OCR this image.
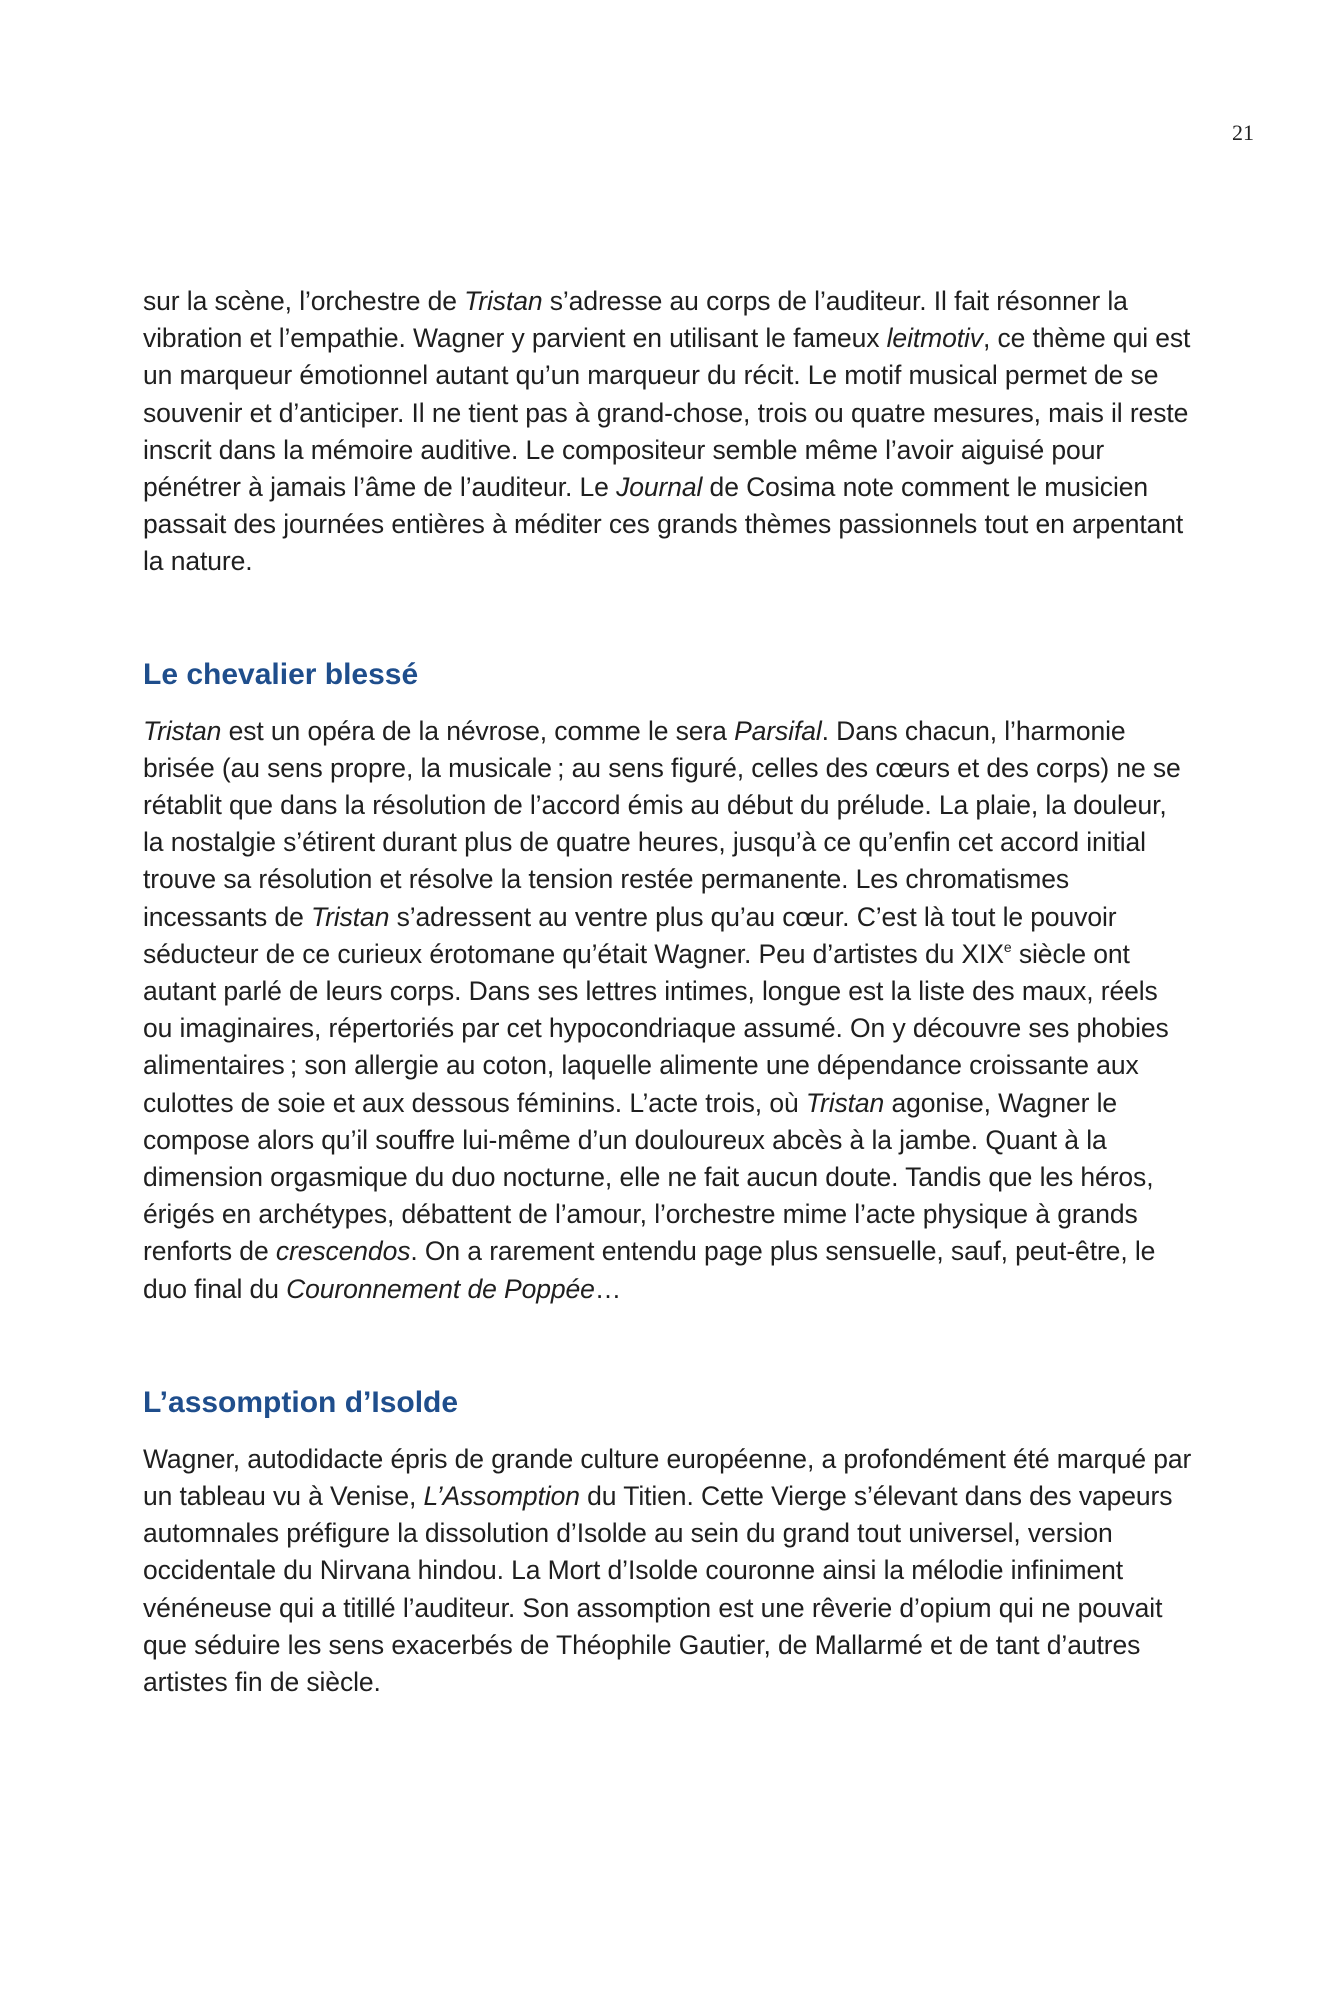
21

sur la scène, l’orchestre de Tristan s’adresse au corps de l’auditeur. Il fait résonner la vibration et l’empathie. Wagner y parvient en utilisant le fameux leitmotiv, ce thème qui est un marqueur émotionnel autant qu’un marqueur du récit. Le motif musical permet de se souvenir et d’anticiper. Il ne tient pas à grand-chose, trois ou quatre mesures, mais il reste inscrit dans la mémoire auditive. Le compositeur semble même l’avoir aiguisé pour pénétrer à jamais l’âme de l’auditeur. Le Journal de Cosima note comment le musicien passait des journées entières à méditer ces grands thèmes passionnels tout en arpentant la nature.

Le chevalier blessé

Tristan est un opéra de la névrose, comme le sera Parsifal. Dans chacun, l’harmonie brisée (au sens propre, la musicale ; au sens figuré, celles des cœurs et des corps) ne se rétablit que dans la résolution de l’accord émis au début du prélude. La plaie, la douleur, la nostalgie s’étirent durant plus de quatre heures, jusqu’à ce qu’enfin cet accord initial trouve sa résolution et résolve la tension restée permanente. Les chromatismes incessants de Tristan s’adressent au ventre plus qu’au cœur. C’est là tout le pouvoir séducteur de ce curieux érotomane qu’était Wagner. Peu d’artistes du XIXe siècle ont autant parlé de leurs corps. Dans ses lettres intimes, longue est la liste des maux, réels ou imaginaires, répertoriés par cet hypocondriaque assumé. On y découvre ses phobies alimentaires ; son allergie au coton, laquelle alimente une dépendance croissante aux culottes de soie et aux dessous féminins. L’acte trois, où Tristan agonise, Wagner le compose alors qu’il souffre lui-même d’un douloureux abcès à la jambe. Quant à la dimension orgasmique du duo nocturne, elle ne fait aucun doute. Tandis que les héros, érigés en archétypes, débattent de l’amour, l’orchestre mime l’acte physique à grands renforts de crescendos. On a rarement entendu page plus sensuelle, sauf, peut-être, le duo final du Couronnement de Poppée…

L’assomption d’Isolde

Wagner, autodidacte épris de grande culture européenne, a profondément été marqué par un tableau vu à Venise, L’Assomption du Titien. Cette Vierge s’élevant dans des vapeurs automnales préfigure la dissolution d’Isolde au sein du grand tout universel, version occidentale du Nirvana hindou. La Mort d’Isolde couronne ainsi la mélodie infiniment vénéneuse qui a titillé l’auditeur. Son assomption est une rêverie d’opium qui ne pouvait que séduire les sens exacerbés de Théophile Gautier, de Mallarmé et de tant d’autres artistes fin de siècle.
